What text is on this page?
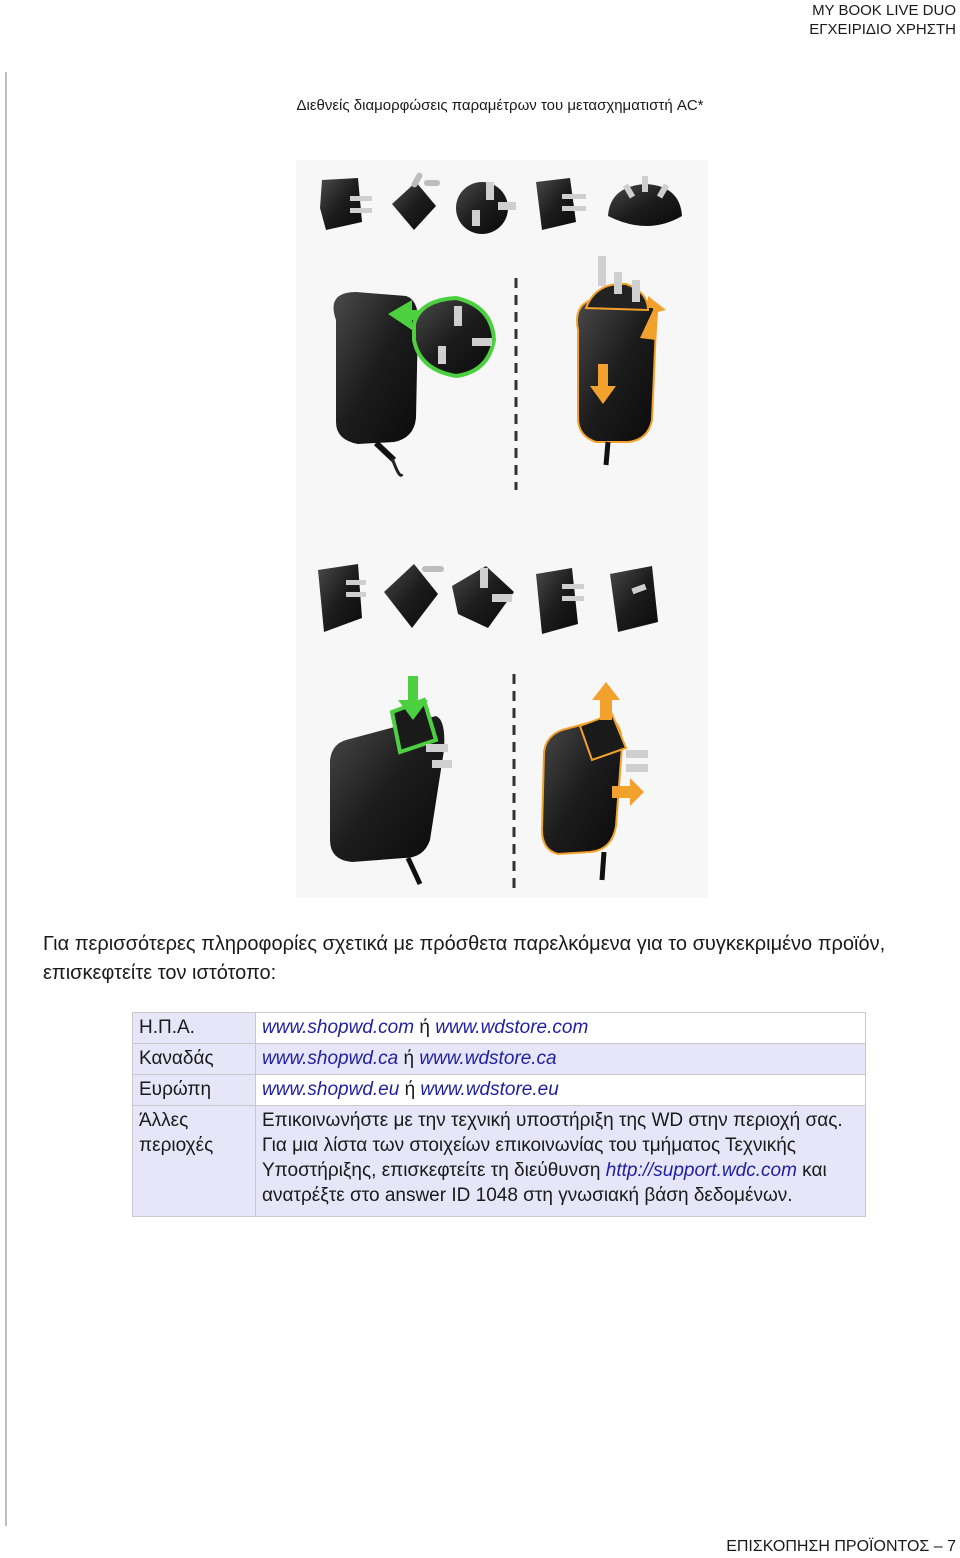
MY BOOK LIVE DUO
ΕΓΧΕΙΡΙΔΙΟ ΧΡΗΣΤΗ
Διεθνείς διαμορφώσεις παραμέτρων του μετασχηματιστή AC*
Για περισσότερες πληροφορίες σχετικά με πρόσθετα παρελκόμενα για το συγκεκριμένο προϊόν, επισκεφτείτε τον ιστότοπο:
Η.Π.Α.	www.shopwd.com ή www.wdstore.com
Καναδάς	www.shopwd.ca ή www.wdstore.ca
Ευρώπη	www.shopwd.eu ή www.wdstore.eu
Άλλες περιοχές	Επικοινωνήστε με την τεχνική υποστήριξη της WD στην περιοχή σας. Για μια λίστα των στοιχείων επικοινωνίας του τμήματος Τεχνικής Υποστήριξης, επισκεφτείτε τη διεύθυνση http://support.wdc.com και ανατρέξτε στο answer ID 1048 στη γνωσιακή βάση δεδομένων.
ΕΠΙΣΚΟΠΗΣΗ ΠΡΟΪΟΝΤΟΣ – 7
